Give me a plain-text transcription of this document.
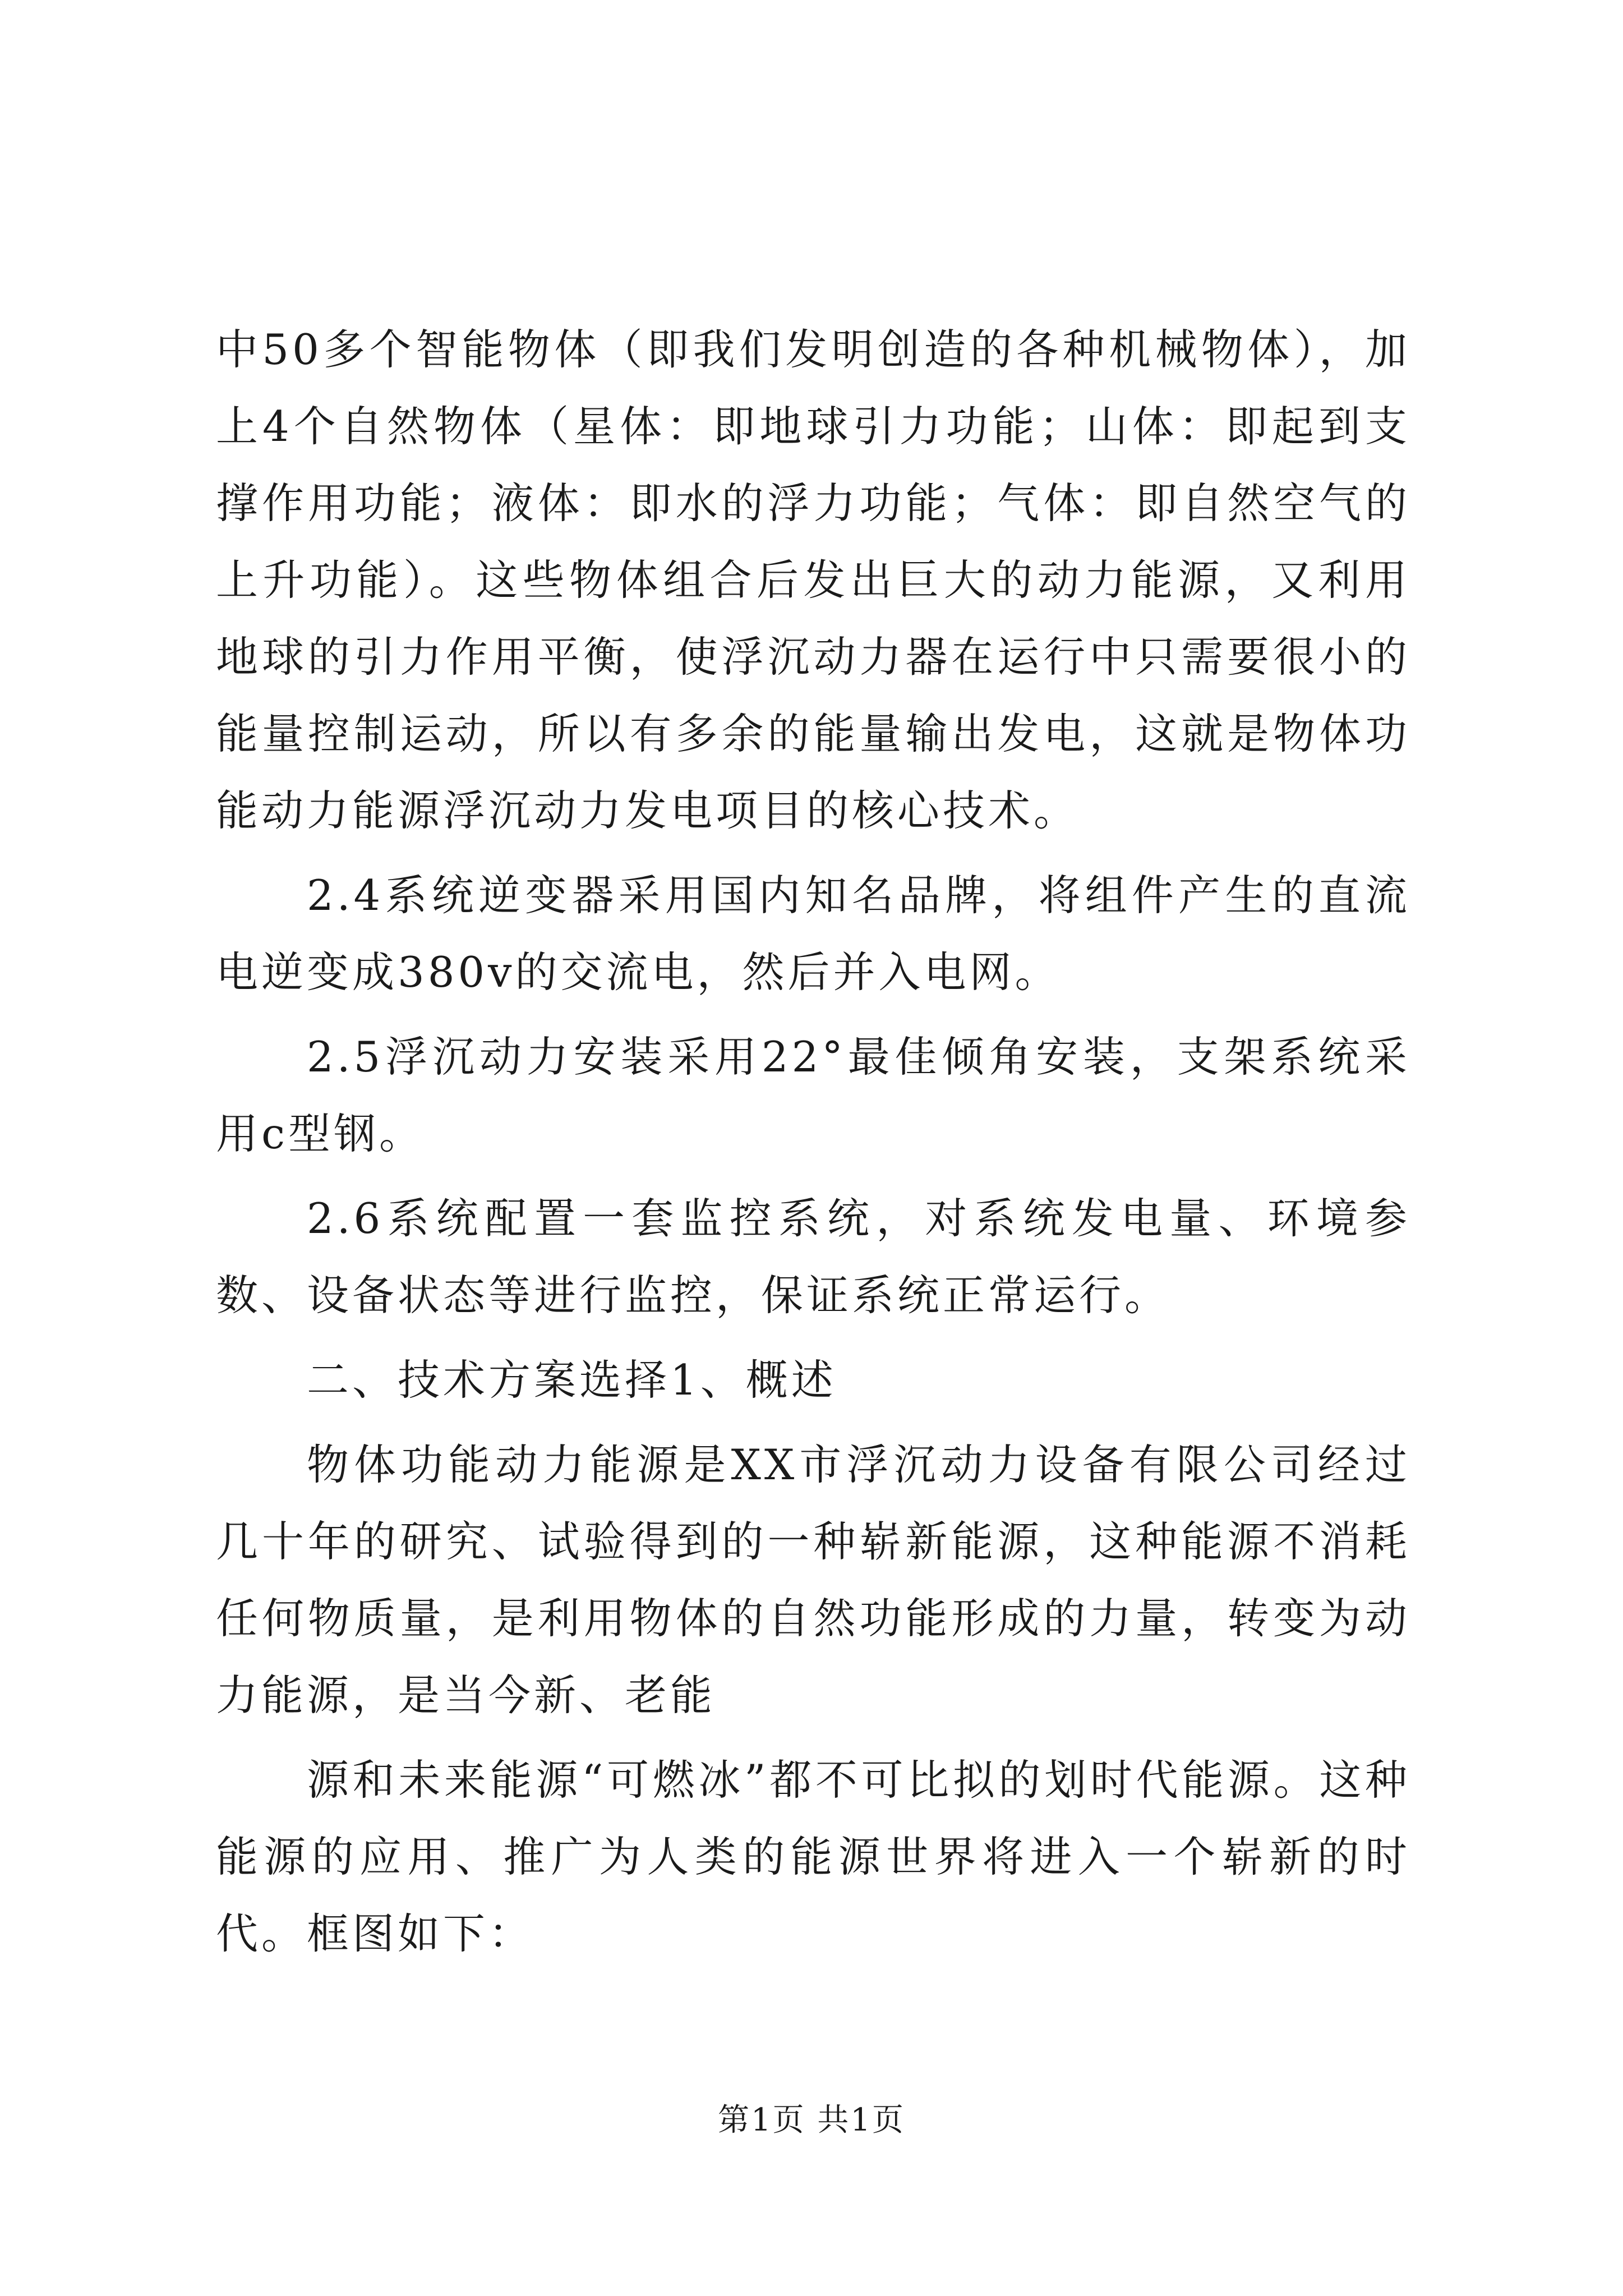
中50多个智能物体（即我们发明创造的各种机械物体），加上4个自然物体（星体：即地球引力功能；山体：即起到支撑作用功能；液体：即水的浮力功能；气体：即自然空气的上升功能）。这些物体组合后发出巨大的动力能源，又利用地球的引力作用平衡，使浮沉动力器在运行中只需要很小的能量控制运动，所以有多余的能量输出发电，这就是物体功能动力能源浮沉动力发电项目的核心技术。

2.4系统逆变器采用国内知名品牌，将组件产生的直流电逆变成380v的交流电，然后并入电网。

2.5浮沉动力安装采用22°最佳倾角安装，支架系统采用c型钢。

2.6系统配置一套监控系统，对系统发电量、环境参数、设备状态等进行监控，保证系统正常运行。

二、技术方案选择1、概述

物体功能动力能源是XX市浮沉动力设备有限公司经过几十年的研究、试验得到的一种崭新能源，这种能源不消耗任何物质量，是利用物体的自然功能形成的力量，转变为动力能源，是当今新、老能

源和未来能源“可燃冰”都不可比拟的划时代能源。这种能源的应用、推广为人类的能源世界将进入一个崭新的时代。框图如下：

第1页 共1页
